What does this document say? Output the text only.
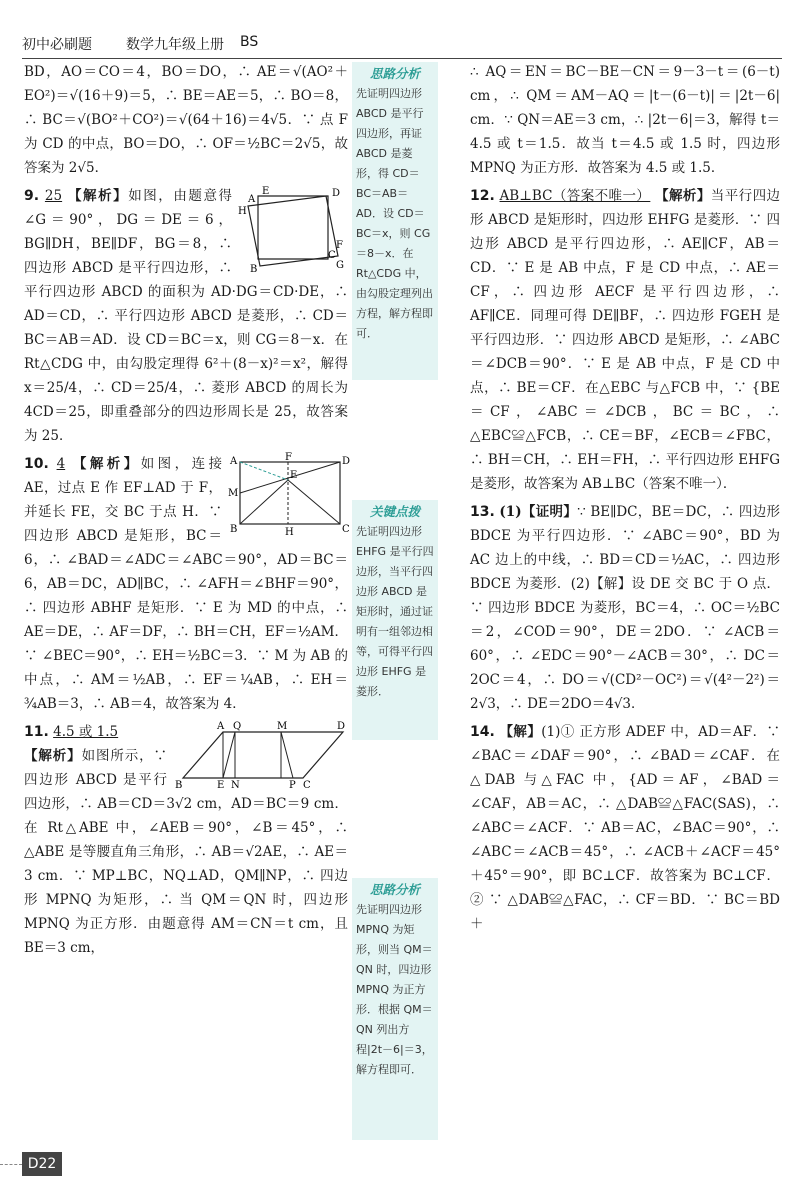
初中必刷题 数学九年级上册 BS

BD，AO＝CO＝4，BO＝DO，∴ AE＝√(AO²＋EO²)＝√(16＋9)＝5，∴ BE＝AE＝5，∴ BO＝8，∴ BC＝√(BO²＋CO²)＝√(64＋16)＝4√5．∵ 点 F 为 CD 的中点，BO＝DO，∴ OF＝½BC＝2√5，故答案为 2√5．

E	D
A
H
B
F
C
G

9. 25 【解析】如图，由题意得∠G＝90°，DG＝DE＝6，BG∥DH，BE∥DF，BG＝8，∴ 四边形 ABCD 是平行四边形，∴ 平行四边形 ABCD 的面积为 AD·DG＝CD·DE，∴ AD＝CD，∴ 平行四边形 ABCD 是菱形，∴ CD＝BC＝AB＝AD．设 CD＝BC＝x，则 CG＝8－x．在 Rt△CDG 中，由勾股定理得 6²＋(8－x)²＝x²，解得 x＝25/4，∴ CD＝25/4，∴ 菱形 ABCD 的周长为 4CD＝25，即重叠部分的四边形周长是 25，故答案为 25．

A	F	D
E
M
B	H	C

10. 4 【解析】如图，连接 AE，过点 E 作 EF⊥AD 于 F，并延长 FE，交 BC 于点 H．∵ 四边形 ABCD 是矩形，BC＝6，∴ ∠BAD＝∠ADC＝∠ABC＝90°，AD＝BC＝6，AB＝DC，AD∥BC，∴ ∠AFH＝∠BHF＝90°，∴ 四边形 ABHF 是矩形．∵ E 为 MD 的中点，∴ AE＝DE，∴ AF＝DF，∴ BH＝CH，EF＝½AM．∵ ∠BEC＝90°，∴ EH＝½BC＝3．∵ M 为 AB 的中点，∴ AM＝½AB，∴ EF＝¼AB，∴ EH＝¾AB＝3，∴ AB＝4，故答案为 4．

A Q	M	D
B	E N	P C

11. 4.5 或 1.5
【解析】如图所示，∵ 四边形 ABCD 是平行四边形，∴ AB＝CD＝3√2 cm，AD＝BC＝9 cm．在 Rt△ABE 中，∠AEB＝90°，∠B＝45°，∴ △ABE 是等腰直角三角形，∴ AB＝√2AE，∴ AE＝3 cm．∵ MP⊥BC，NQ⊥AD，QM∥NP，∴ 四边形 MPNQ 为矩形，∴ 当 QM＝QN 时，四边形 MPNQ 为正方形．由题意得 AM＝CN＝t cm，且 BE＝3 cm，

思路分析
先证明四边形 ABCD 是平行四边形，再证 ABCD 是菱形，得 CD＝BC＝AB＝AD．设 CD＝BC＝x，则 CG＝8－x．在 Rt△CDG 中，由勾股定理列出方程，解方程即可．
关键点拨
先证明四边形 EHFG 是平行四边形，当平行四边形 ABCD 是矩形时，通过证明有一组邻边相等，可得平行四边形 EHFG 是菱形．
思路分析
先证明四边形 MPNQ 为矩形，则当 QM＝QN 时，四边形 MPNQ 为正方形．根据 QM＝QN 列出方程|2t－6|＝3，解方程即可．

∴ AQ＝EN＝BC－BE－CN＝9－3－t＝(6－t) cm，∴ QM＝AM－AQ＝|t－(6－t)|＝|2t－6| cm．∵ QN＝AE＝3 cm，∴ |2t－6|＝3，解得 t＝4.5 或 t＝1.5．故当 t＝4.5 或 1.5 时，四边形 MPNQ 为正方形．故答案为 4.5 或 1.5．

12. AB⊥BC（答案不唯一） 【解析】当平行四边形 ABCD 是矩形时，四边形 EHFG 是菱形．∵ 四边形 ABCD 是平行四边形，∴ AE∥CF，AB＝CD．∵ E 是 AB 中点，F 是 CD 中点，∴ AE＝CF，∴ 四边形 AECF 是平行四边形，∴ AF∥CE．同理可得 DE∥BF，∴ 四边形 FGEH 是平行四边形．∵ 四边形 ABCD 是矩形，∴ ∠ABC＝∠DCB＝90°．∵ E 是 AB 中点，F 是 CD 中点，∴ BE＝CF．在△EBC 与△FCB 中，∵ {BE＝CF，∠ABC＝∠DCB，BC＝BC，∴ △EBC≌△FCB，∴ CE＝BF，∠ECB＝∠FBC，∴ BH＝CH，∴ EH＝FH，∴ 平行四边形 EHFG 是菱形，故答案为 AB⊥BC（答案不唯一）．

13. (1)【证明】∵ BE∥DC，BE＝DC，∴ 四边形 BDCE 为平行四边形．∵ ∠ABC＝90°，BD 为 AC 边上的中线，∴ BD＝CD＝½AC，∴ 四边形 BDCE 为菱形．(2)【解】设 DE 交 BC 于 O 点．∵ 四边形 BDCE 为菱形，BC＝4，∴ OC＝½BC＝2，∠COD＝90°，DE＝2DO．∵ ∠ACB＝60°，∴ ∠EDC＝90°－∠ACB＝30°，∴ DC＝2OC＝4，∴ DO＝√(CD²－OC²)＝√(4²－2²)＝2√3，∴ DE＝2DO＝4√3．

14. 【解】(1)① 正方形 ADEF 中，AD＝AF．∵ ∠BAC＝∠DAF＝90°，∴ ∠BAD＝∠CAF．在△DAB 与△FAC 中，{AD＝AF，∠BAD＝∠CAF，AB＝AC，∴ △DAB≌△FAC(SAS)，∴ ∠ABC＝∠ACF．∵ AB＝AC，∠BAC＝90°，∴ ∠ABC＝∠ACB＝45°，∴ ∠ACB＋∠ACF＝45°＋45°＝90°，即 BC⊥CF．故答案为 BC⊥CF．② ∵ △DAB≌△FAC，∴ CF＝BD．∵ BC＝BD＋

D22
